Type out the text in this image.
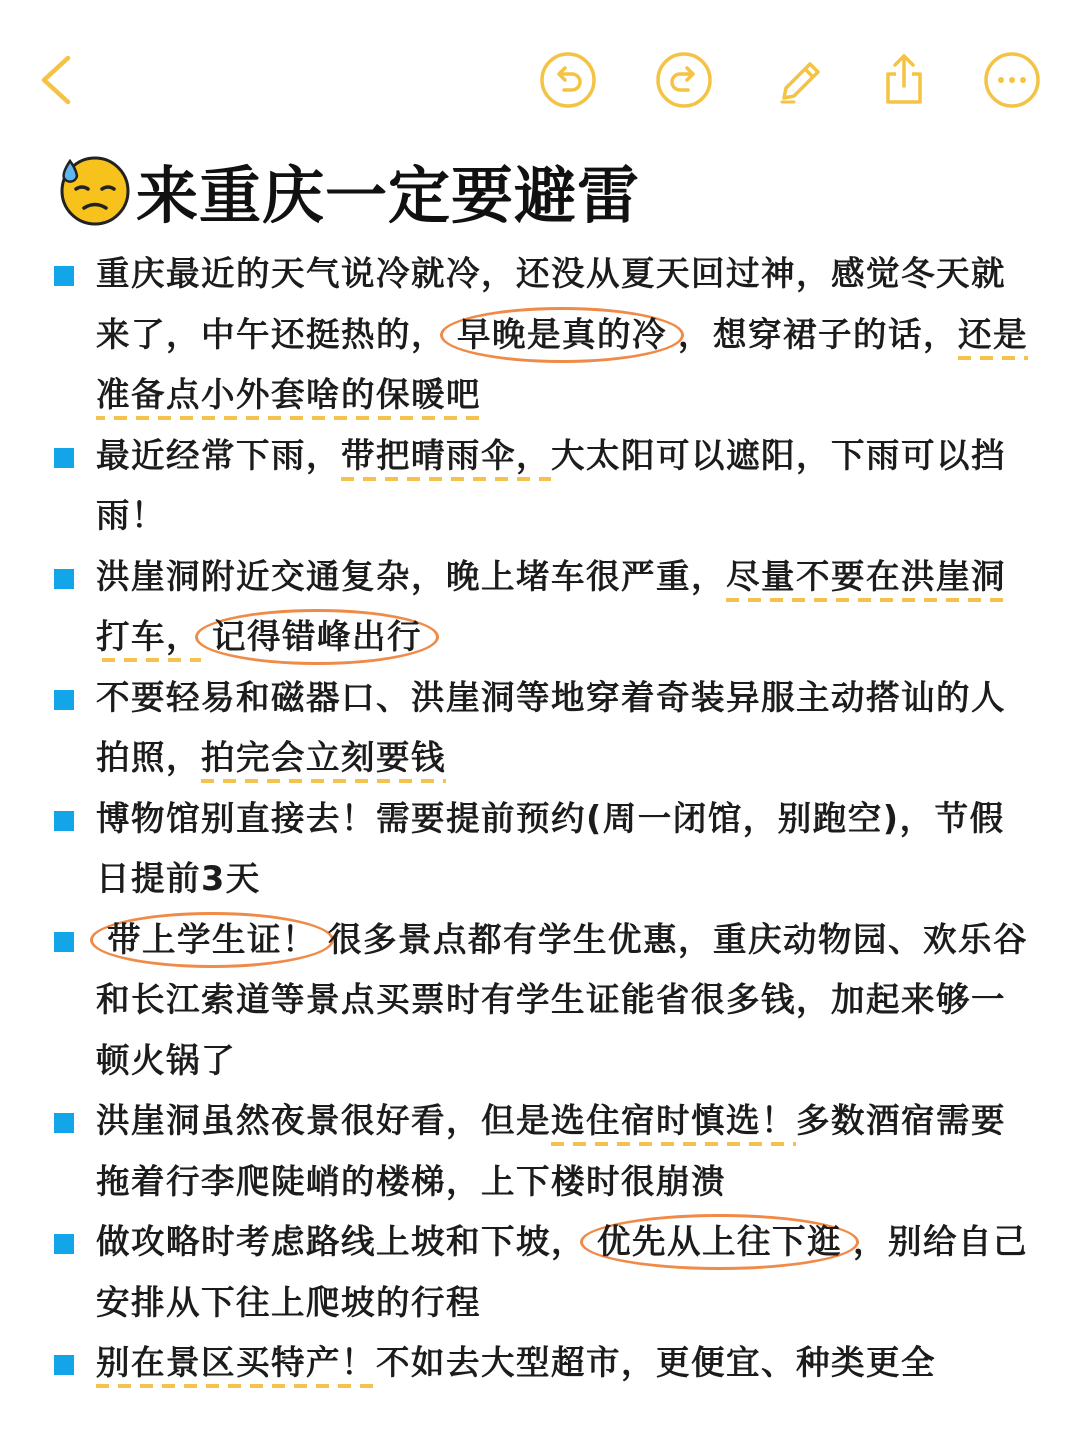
来重庆一定要避雷
重庆最近的天气说冷就冷，还没从夏天回过神，感觉冬天就来了，中午还挺热的， 早晚是真的冷 ，想穿裙子的话，还是准备点小外套啥的保暖吧
最近经常下雨，带把晴雨伞，大太阳可以遮阳，下雨可以挡雨！
洪崖洞附近交通复杂，晚上堵车很严重，尽量不要在洪崖洞打车， 记得错峰出行
不要轻易和磁器口、洪崖洞等地穿着奇装异服主动搭讪的人拍照，拍完会立刻要钱
博物馆别直接去！需要提前预约(周一闭馆，别跑空)，节假日提前3天
带上学生证！ 很多景点都有学生优惠，重庆动物园、欢乐谷和长江索道等景点买票时有学生证能省很多钱，加起来够一顿火锅了
洪崖洞虽然夜景很好看，但是选住宿时慎选！多数酒宿需要拖着行李爬陡峭的楼梯，上下楼时很崩溃
做攻略时考虑路线上坡和下坡， 优先从上往下逛 ，别给自己安排从下往上爬坡的行程
别在景区买特产！不如去大型超市，更便宜、种类更全
